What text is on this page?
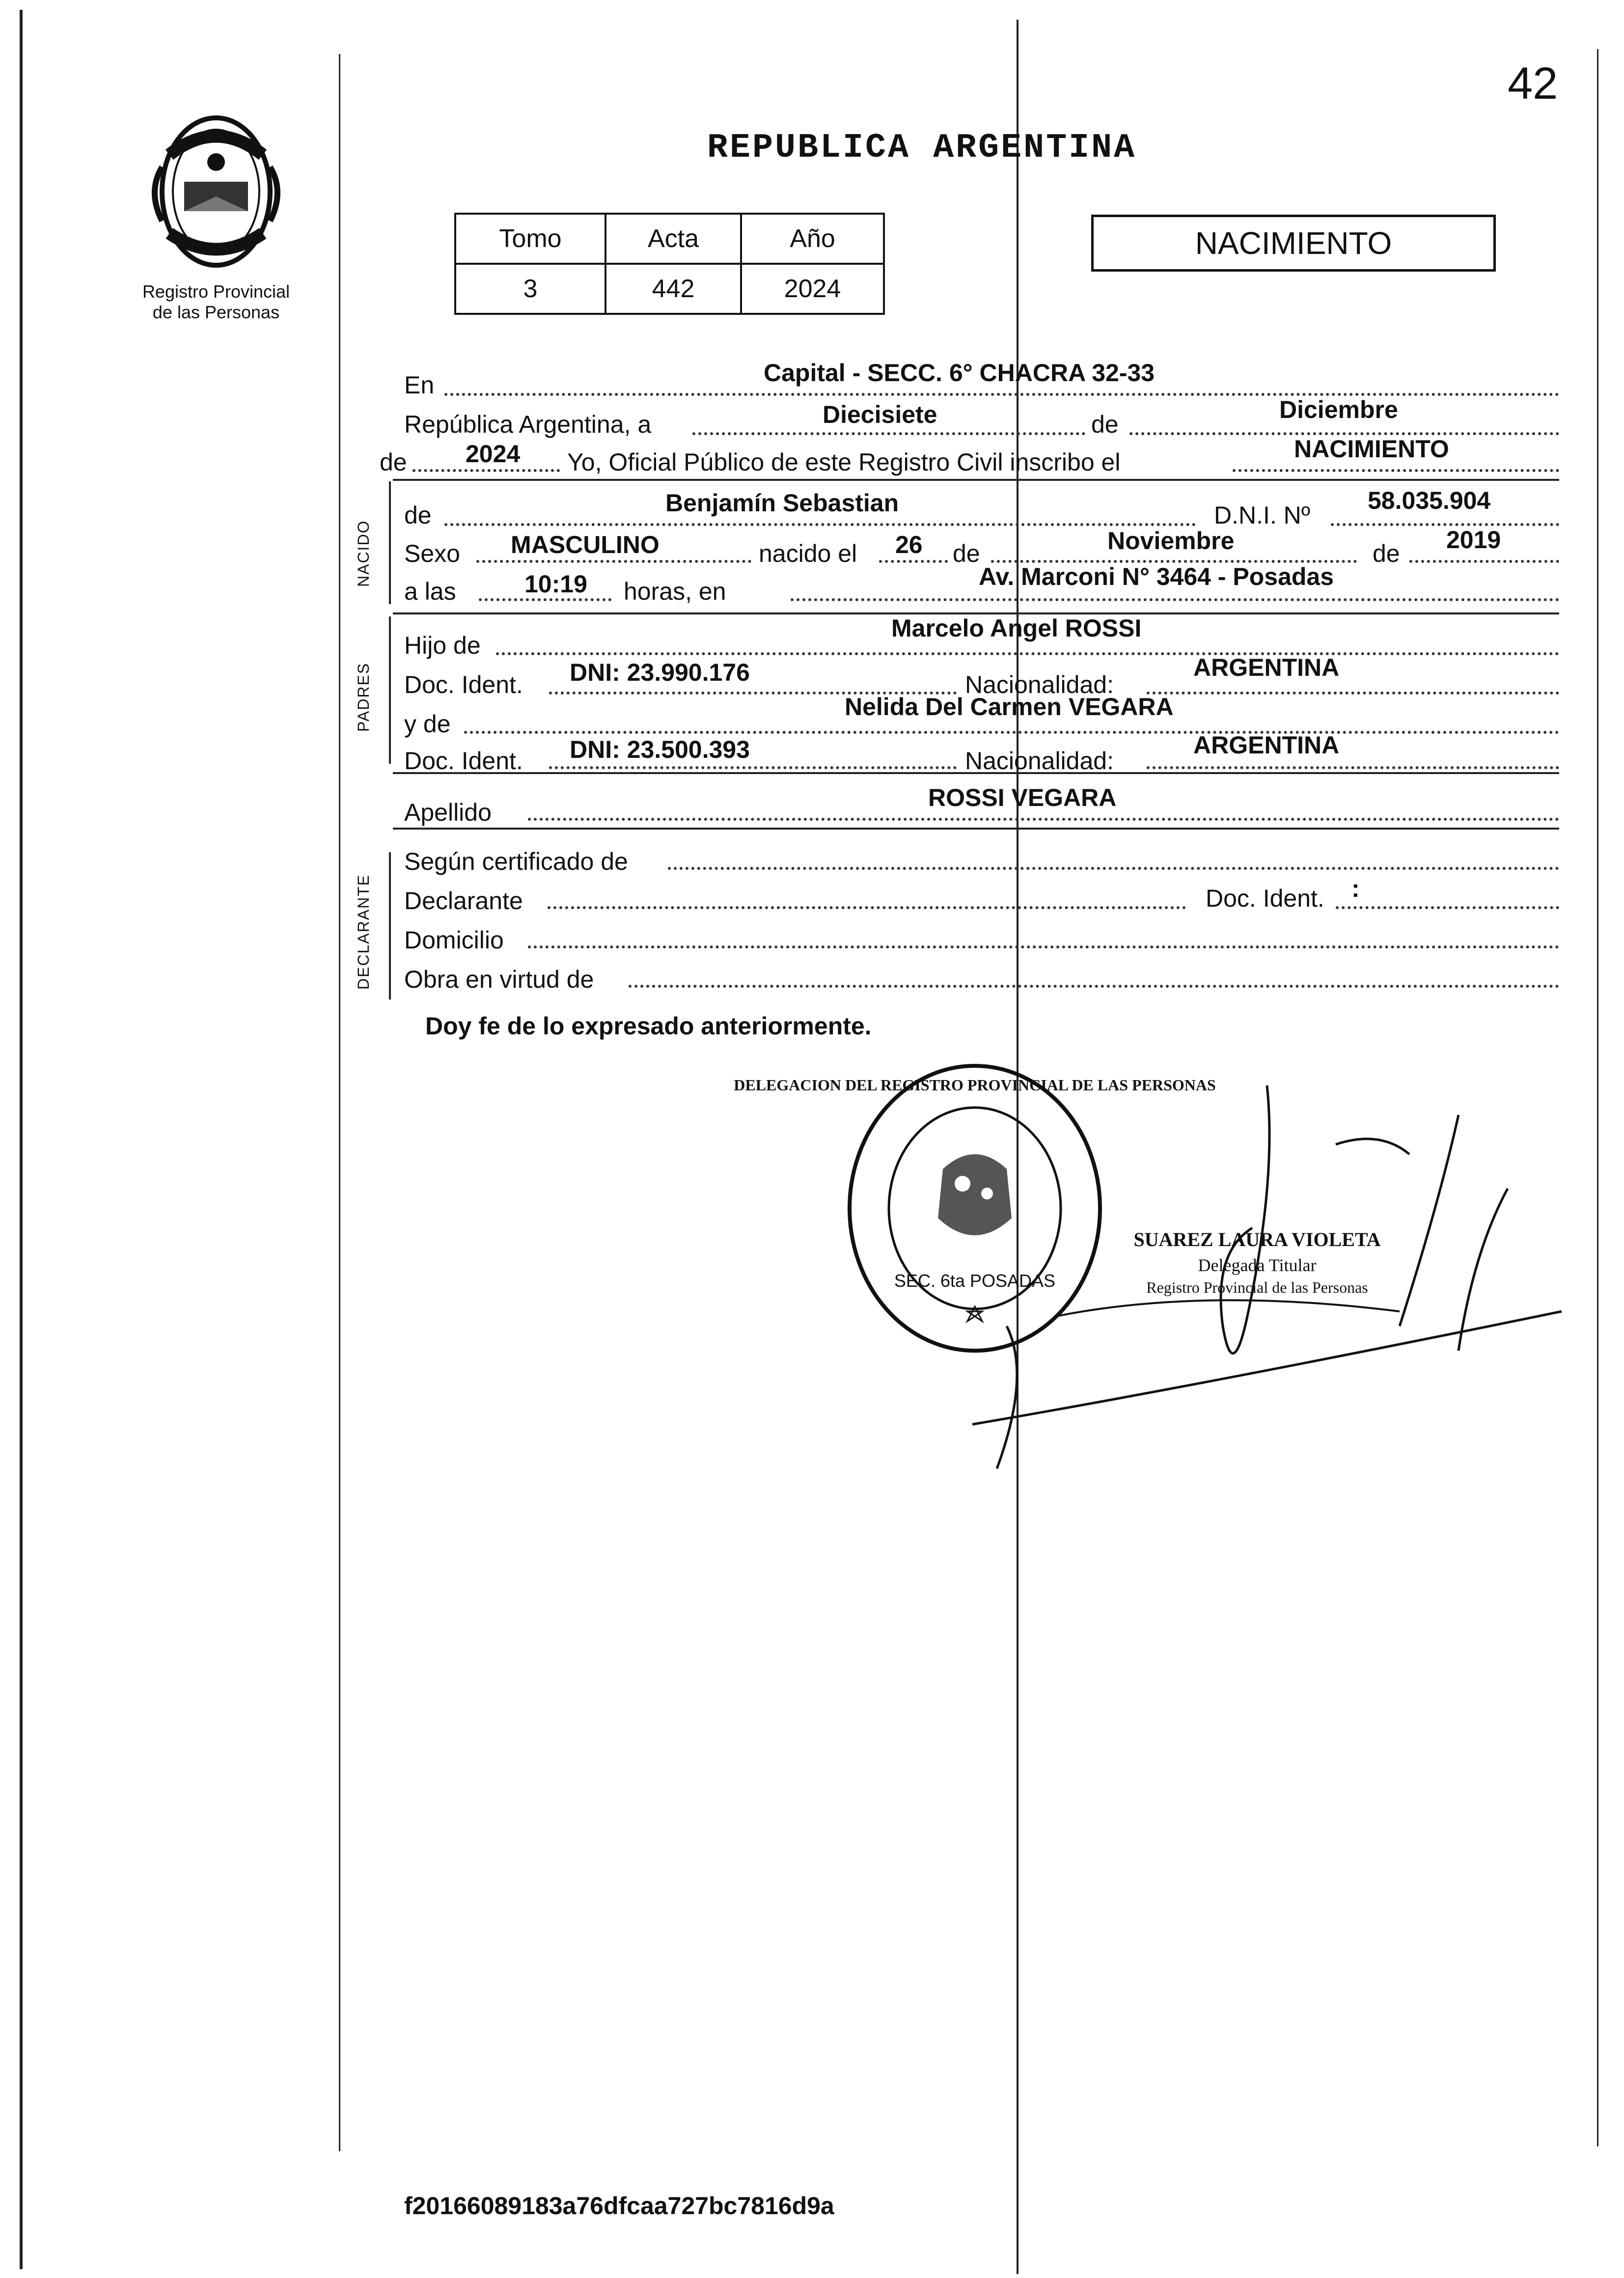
42
Registro Provincial
de las Personas
REPUBLICA ARGENTINA
Tomo	Acta	Año
3	442	2024
NACIMIENTO
En	Capital - SECC. 6° CHACRA 32-33
República Argentina, a	Diecisiete	de
Diciembre
de 2024 Yo, Oficial Público de este Registro Civil inscribo el	NACIMIENTO
NACIDO
de	Benjamín Sebastian	D.N.I. Nº
58.035.904
Sexo MASCULINO	nacido el 26 de	Noviembre	de 2019
a las	10:19 horas, en
Av. Marconi N° 3464 - Posadas
PADRES
Hijo de
Marcelo Angel ROSSI
Doc. Ident. DNI: 23.990.176	Nacionalidad:
ARGENTINA
y de
Nelida Del Carmen VEGARA
Doc. Ident. DNI: 23.500.393	Nacionalidad:
ARGENTINA
Apellido
ROSSI VEGARA
DECLARANTE
Según certificado de
Declarante	Doc. Ident. :
Domicilio
Obra en virtud de
Doy fe de lo expresado anteriormente.
DELEGACION DEL REGISTRO PROVINCIAL DE LAS PERSONAS
SEC. 6ta POSADAS
SUAREZ LAURA VIOLETA
Delegada Titular
Registro Provincial de las Personas
f20166089183a76dfcaa727bc7816d9a
